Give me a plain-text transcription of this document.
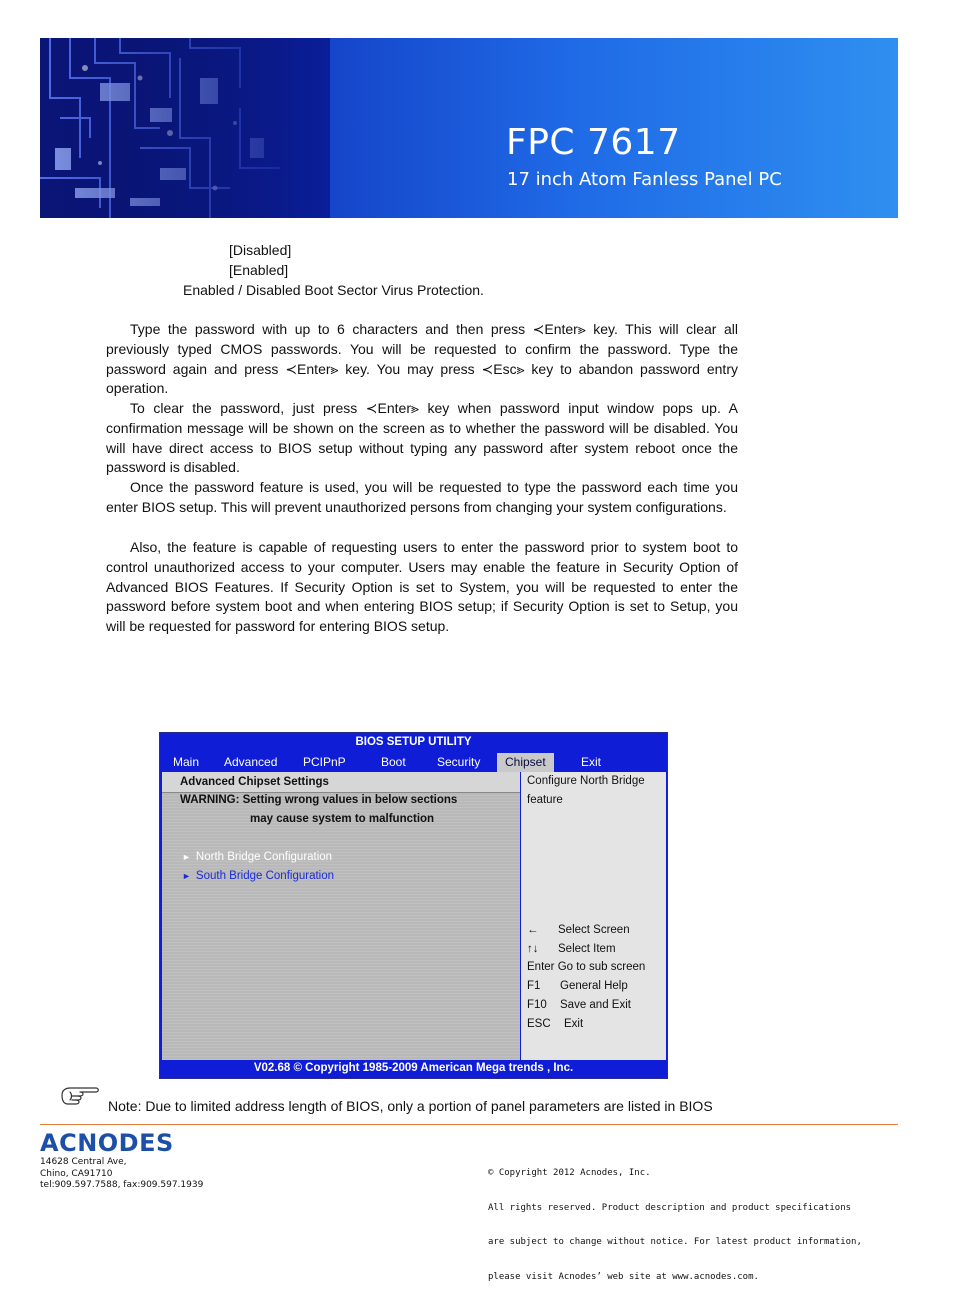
FPC 7617
17 inch Atom Fanless Panel PC
[Disabled]
[Enabled]
Enabled / Disabled Boot Sector Virus Protection.

Type the password with up to 6 characters and then press ≺Enter⪢ key. This will clear all previously typed CMOS passwords. You will be requested to confirm the password. Type the password again and press ≺Enter⪢ key. You may press ≺Esc⪢ key to abandon password entry operation.

To clear the password, just press ≺Enter⪢ key when password input window pops up. A confirmation message will be shown on the screen as to whether the password will be disabled. You will have direct access to BIOS setup without typing any password after system reboot once the password is disabled.

Once the password feature is used, you will be requested to type the password each time you enter BIOS setup. This will prevent unauthorized persons from changing your system configurations.

Also, the feature is capable of requesting users to enter the password prior to system boot to control unauthorized access to your computer. Users may enable the feature in Security Option of Advanced BIOS Features. If Security Option is set to System, you will be requested to enter the password before system boot and when entering BIOS setup; if Security Option is set to Setup, you will be requested for password for entering BIOS setup.

BIOS SETUP UTILITY
Main Advanced PCIPnP	Boot	Security	Chipset	Exit
Advanced Chipset Settings
WARNING: Setting wrong values in below sections
may cause system to malfunction
► North Bridge Configuration
► South Bridge Configuration
Configure North Bridge
feature
← Select Screen
↑↓ Select Item
Enter Go to sub screen
F1 General Help
F10 Save and Exit
ESC Exit
V02.68 © Copyright 1985-2009 American Mega trends , Inc.
Note: Due to limited address length of BIOS, only a portion of panel parameters are listed in BIOS
ACNODES
14628 Central Ave,
Chino, CA91710
tel:909.597.7588, fax:909.597.1939

© Copyright 2012 Acnodes, Inc.

All rights reserved. Product description and product specifications

are subject to change without notice. For latest product information,

please visit Acnodes’ web site at www.acnodes.com.
